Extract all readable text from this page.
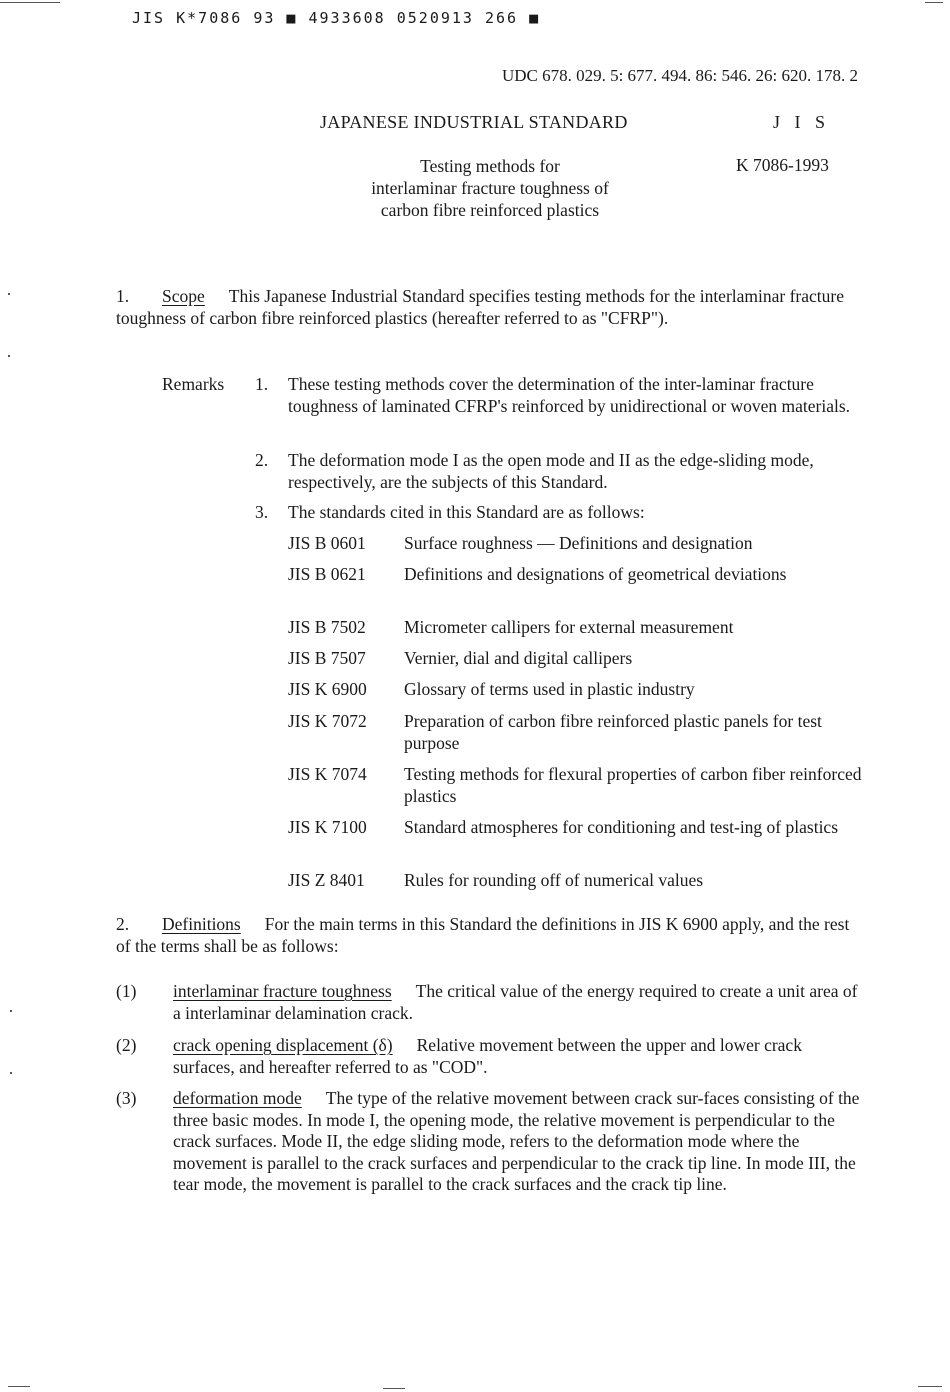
JIS K*7086 93 ■ 4933608 0520913 266 ■
UDC 678. 029. 5: 677. 494. 86: 546. 26: 620. 178. 2
JAPANESE INDUSTRIAL STANDARD	J I S
Testing methods for
interlaminar fracture toughness of
carbon fibre reinforced plastics
K 7086-1993
1. Scope This Japanese Industrial Standard specifies testing methods for the interlaminar fracture toughness of carbon fibre reinforced plastics (hereafter referred to as "CFRP").
Remarks 1. These testing methods cover the determination of the inter-laminar fracture toughness of laminated CFRP's reinforced by unidirectional or woven materials.
2. The deformation mode I as the open mode and II as the edge-sliding mode, respectively, are the subjects of this Standard.
3. The standards cited in this Standard are as follows:
JIS B 0601 Surface roughness — Definitions and designation
JIS B 0621 Definitions and designations of geometrical deviations
JIS B 7502 Micrometer callipers for external measurement
JIS B 7507 Vernier, dial and digital callipers
JIS K 6900 Glossary of terms used in plastic industry
JIS K 7072 Preparation of carbon fibre reinforced plastic panels for test purpose
JIS K 7074 Testing methods for flexural properties of carbon fiber reinforced plastics
JIS K 7100 Standard atmospheres for conditioning and test-ing of plastics
JIS Z 8401 Rules for rounding off of numerical values
2. Definitions For the main terms in this Standard the definitions in JIS K 6900 apply, and the rest of the terms shall be as follows:
(1) interlaminar fracture toughness The critical value of the energy required to create a unit area of a interlaminar delamination crack.
(2) crack opening displacement (δ) Relative movement between the upper and lower crack surfaces, and hereafter referred to as "COD".
(3) deformation mode The type of the relative movement between crack sur-faces consisting of the three basic modes. In mode I, the opening mode, the relative movement is perpendicular to the crack surfaces. Mode II, the edge sliding mode, refers to the deformation mode where the movement is parallel to the crack surfaces and perpendicular to the crack tip line. In mode III, the tear mode, the movement is parallel to the crack surfaces and the crack tip line.
